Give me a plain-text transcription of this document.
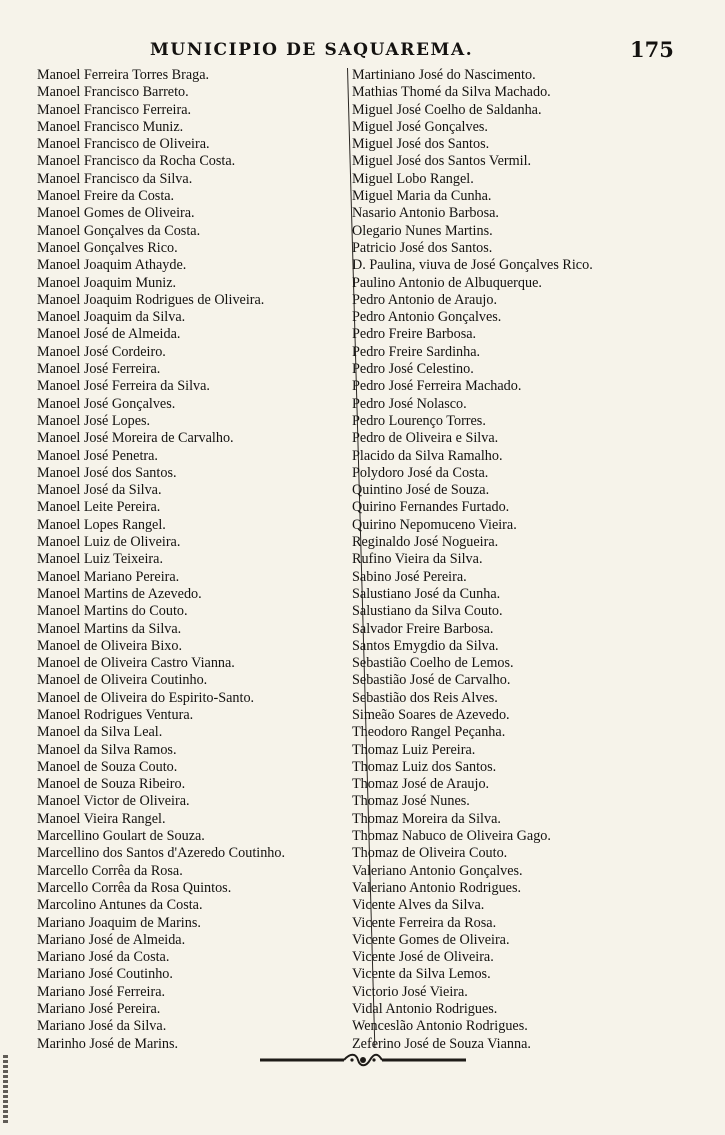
MUNICIPIO DE SAQUAREMA.	175
Manoel Ferreira Torres Braga.
Manoel Francisco Barreto.
Manoel Francisco Ferreira.
Manoel Francisco Muniz.
Manoel Francisco de Oliveira.
Manoel Francisco da Rocha Costa.
Manoel Francisco da Silva.
Manoel Freire da Costa.
Manoel Gomes de Oliveira.
Manoel Gonçalves da Costa.
Manoel Gonçalves Rico.
Manoel Joaquim Athayde.
Manoel Joaquim Muniz.
Manoel Joaquim Rodrigues de Oliveira.
Manoel Joaquim da Silva.
Manoel José de Almeida.
Manoel José Cordeiro.
Manoel José Ferreira.
Manoel José Ferreira da Silva.
Manoel José Gonçalves.
Manoel José Lopes.
Manoel José Moreira de Carvalho.
Manoel José Penetra.
Manoel José dos Santos.
Manoel José da Silva.
Manoel Leite Pereira.
Manoel Lopes Rangel.
Manoel Luiz de Oliveira.
Manoel Luiz Teixeira.
Manoel Mariano Pereira.
Manoel Martins de Azevedo.
Manoel Martins do Couto.
Manoel Martins da Silva.
Manoel de Oliveira Bixo.
Manoel de Oliveira Castro Vianna.
Manoel de Oliveira Coutinho.
Manoel de Oliveira do Espirito-Santo.
Manoel Rodrigues Ventura.
Manoel da Silva Leal.
Manoel da Silva Ramos.
Manoel de Souza Couto.
Manoel de Souza Ribeiro.
Manoel Victor de Oliveira.
Manoel Vieira Rangel.
Marcellino Goulart de Souza.
Marcellino dos Santos d'Azeredo Coutinho.
Marcello Corrêa da Rosa.
Marcello Corrêa da Rosa Quintos.
Marcolino Antunes da Costa.
Mariano Joaquim de Marins.
Mariano José de Almeida.
Mariano José da Costa.
Mariano José Coutinho.
Mariano José Ferreira.
Mariano José Pereira.
Mariano José da Silva.
Marinho José de Marins.
Martiniano José do Nascimento.
Mathias Thomé da Silva Machado.
Miguel José Coelho de Saldanha.
Miguel José Gonçalves.
Miguel José dos Santos.
Miguel José dos Santos Vermil.
Miguel Lobo Rangel.
Miguel Maria da Cunha.
Nasario Antonio Barbosa.
Olegario Nunes Martins.
Patricio José dos Santos.
D. Paulina, viuva de José Gonçalves Rico.
Paulino Antonio de Albuquerque.
Pedro Antonio de Araujo.
Pedro Antonio Gonçalves.
Pedro Freire Barbosa.
Pedro Freire Sardinha.
Pedro José Celestino.
Pedro José Ferreira Machado.
Pedro José Nolasco.
Pedro Lourenço Torres.
Pedro de Oliveira e Silva.
Placido da Silva Ramalho.
Polydoro José da Costa.
Quintino José de Souza.
Quirino Fernandes Furtado.
Quirino Nepomuceno Vieira.
Reginaldo José Nogueira.
Rufino Vieira da Silva.
Sabino José Pereira.
Salustiano José da Cunha.
Salustiano da Silva Couto.
Salvador Freire Barbosa.
Santos Emygdio da Silva.
Sebastião Coelho de Lemos.
Sebastião José de Carvalho.
Sebastião dos Reis Alves.
Simeão Soares de Azevedo.
Theodoro Rangel Peçanha.
Thomaz Luiz Pereira.
Thomaz Luiz dos Santos.
Thomaz José de Araujo.
Thomaz José Nunes.
Thomaz Moreira da Silva.
Thomaz Nabuco de Oliveira Gago.
Thomaz de Oliveira Couto.
Valeriano Antonio Gonçalves.
Valeriano Antonio Rodrigues.
Vicente Alves da Silva.
Vicente Ferreira da Rosa.
Vicente Gomes de Oliveira.
Vicente José de Oliveira.
Vicente da Silva Lemos.
Victorio José Vieira.
Vidal Antonio Rodrigues.
Wenceslão Antonio Rodrigues.
Zeferino José de Souza Vianna.
